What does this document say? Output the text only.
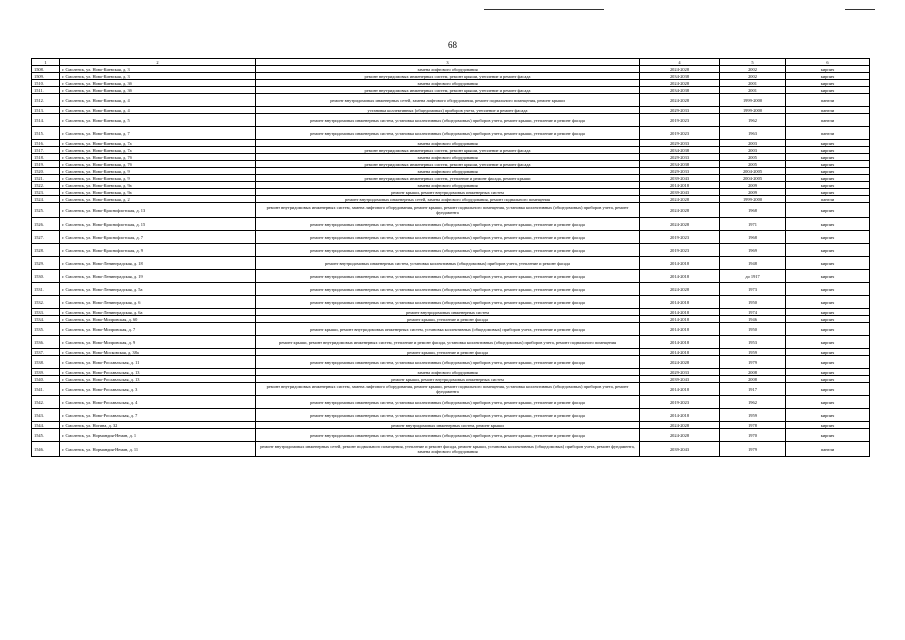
68
1	2	3	4	5	6
1508.	г. Смоленск, ул. Ново-Киевская, д. 3	замена лифтового оборудования	2024-2028	2002	кирпич
1509.	г. Смоленск, ул. Ново-Киевская, д. 3	ремонт внутридомовых инженерных систем, ремонт крыши, утепление и ремонт фасада	2034-2038	2002	кирпич
1510.	г. Смоленск, ул. Ново-Киевская, д. 3б	замена лифтового оборудования	2024-2028	2001	кирпич
1511.	г. Смоленск, ул. Ново-Киевская, д. 3б	ремонт внутридомовых инженерных систем, ремонт крыши, утепление и ремонт фасада	2034-2038	2001	кирпич
1512.	г. Смоленск, ул. Ново-Киевская, д. 4	ремонт внутридомовых инженерных сетей, замена лифтового оборудования, ремонт подвального помещения, ремонт крыши	2024-2028	1999-2000	панели
1513.	г. Смоленск, ул. Ново-Киевская, д. 4	установка коллективных (общедомовых) приборов учета, утепление и ремонт фасада	2029-2033	1999-2000	панели
1514.	г. Смоленск, ул. Ново-Киевская, д. 5	ремонт внутридомовых инженерных систем, установка коллективных (общедомовых) приборов учета, ремонт крыши, утепление и ремонт фасада	2019-2023	1962	панели
1515.	г. Смоленск, ул. Ново-Киевская, д. 7	ремонт внутридомовых инженерных систем, установка коллективных (общедомовых) приборов учета, ремонт крыши, утепление и ремонт фасада	2019-2023	1963	панели
1516.	г. Смоленск, ул. Ново-Киевская, д. 7а	замена лифтового оборудования	2029-2033	2003	кирпич
1517.	г. Смоленск, ул. Ново-Киевская, д. 7а	ремонт внутридомовых инженерных систем, ремонт крыши, утепление и ремонт фасада	2034-2038	2003	кирпич
1518.	г. Смоленск, ул. Ново-Киевская, д. 7б	замена лифтового оборудования	2029-2033	2005	кирпич
1519.	г. Смоленск, ул. Ново-Киевская, д. 7б	ремонт внутридомовых инженерных систем, ремонт крыши, утепление и ремонт фасада	2034-2038	2005	кирпич
1520.	г. Смоленск, ул. Ново-Киевская, д. 9	замена лифтового оборудования	2029-2033	2004-2005	кирпич
1521.	г. Смоленск, ул. Ново-Киевская, д. 9	ремонт внутридомовых инженерных систем, утепление и ремонт фасада, ремонт крыши	2039-2043	2004-2005	кирпич
1522.	г. Смоленск, ул. Ново-Киевская, д. 9а	замена лифтового оборудования	2014-2018	2009	кирпич
1523.	г. Смоленск, ул. Ново-Киевская, д. 9а	ремонт крыши, ремонт внутридомовых инженерных систем	2039-2043	2009	кирпич
1524.	г. Смоленск, ул. Ново-Киевская, д. 2	ремонт внутридомовых инженерных сетей, замена лифтового оборудования, ремонт подвального помещения	2024-2028	1999-2000	панели
1525.	г. Смоленск, ул. Ново-Краснофлотская, д. 13	ремонт внутридомовых инженерных систем, замена лифтового оборудования, ремонт крыши, ремонт подвального помещения, установка коллективных (общедомовых) приборов учета, ремонт фундамента	2024-2028	1968	кирпич
1526.	г. Смоленск, ул. Ново-Краснофлотская, д. 15	ремонт внутридомовых инженерных систем, установка коллективных (общедомовых) приборов учета, ремонт крыши, утепление и ремонт фасада	2024-2028	1971	кирпич
1527.	г. Смоленск, ул. Ново-Краснофлотская, д. 7	ремонт внутридомовых инженерных систем, установка коллективных (общедомовых) приборов учета, ремонт крыши, утепление и ремонт фасада	2019-2023	1968	кирпич
1528.	г. Смоленск, ул. Ново-Краснофлотская, д. 9	ремонт внутридомовых инженерных систем, установка коллективных (общедомовых) приборов учета, ремонт крыши, утепление и ремонт фасада	2019-2023	1969	кирпич
1529.	г. Смоленск, ул. Ново-Ленинградская, д. 18	ремонт внутридомовых инженерных систем, установка коллективных (общедомовых) приборов учета, утепление и ремонт фасада	2014-2018	1948	кирпич
1530.	г. Смоленск, ул. Ново-Ленинградская, д. 19	ремонт внутридомовых инженерных систем, установка коллективных (общедомовых) приборов учета, ремонт крыши, утепление и ремонт фасада	2014-2018	до 1917	кирпич
1531.	г. Смоленск, ул. Ново-Ленинградская, д. 5а	ремонт внутридомовых инженерных систем, установка коллективных (общедомовых) приборов учета, ремонт крыши, утепление и ремонт фасада	2024-2028	1973	кирпич
1532.	г. Смоленск, ул. Ново-Ленинградская, д. 6	ремонт внутридомовых инженерных систем, установка коллективных (общедомовых) приборов учета, ремонт крыши, утепление и ремонт фасада	2014-2018	1950	кирпич
1533.	г. Смоленск, ул. Ново-Ленинградская, д. 6а	ремонт внутридомовых инженерных систем	2014-2018	1974	кирпич
1534.	г. Смоленск, ул. Ново-Мопровская, д. 60	ремонт крыши, утепление и ремонт фасада	2014-2018	1946	кирпич
1535.	г. Смоленск, ул. Ново-Мопровская, д. 7	ремонт крыши, ремонт внутридомовых инженерных систем, установка коллективных (общедомовых) приборов учета, утепление и ремонт фасада	2014-2018	1950	кирпич
1536.	г. Смоленск, ул. Ново-Мопровская, д. 9	ремонт крыши, ремонт внутридомовых инженерных систем, утепление и ремонт фасада, установка коллективных (общедомовых) приборов учета, ремонт подвального помещения	2014-2018	1953	кирпич
1537.	г. Смоленск, ул. Ново-Московская, д. 38а	ремонт крыши, утепление и ремонт фасада	2014-2018	1959	кирпич
1538.	г. Смоленск, ул. Ново-Рославльская, д. 11	ремонт внутридомовых инженерных систем, установка коллективных (общедомовых) приборов учета, ремонт крыши, утепление и ремонт фасада	2024-2028	1979	кирпич
1539.	г. Смоленск, ул. Ново-Рославльская, д. 13	замена лифтового оборудования	2029-2033	2008	кирпич
1540.	г. Смоленск, ул. Ново-Рославльская, д. 13	ремонт крыши, ремонт внутридомовых инженерных систем	2039-2043	2008	кирпич
1541.	г. Смоленск, ул. Ново-Рославльская, д. 3	ремонт внутридомовых инженерных систем, замена лифтового оборудования, ремонт крыши, ремонт подвального помещения, установка коллективных (общедомовых) приборов учета, ремонт фундамента	2014-2018	1917	кирпич
1542.	г. Смоленск, ул. Ново-Рославльская, д. 4	ремонт внутридомовых инженерных систем, установка коллективных (общедомовых) приборов учета, ремонт крыши, утепление и ремонт фасада	2019-2023	1962	кирпич
1543.	г. Смоленск, ул. Ново-Рославльская, д. 7	ремонт внутридомовых инженерных систем, установка коллективных (общедомовых) приборов учета, ремонт крыши, утепление и ремонт фасада	2014-2018	1959	кирпич
1544.	г. Смоленск, ул. Ногина, д. 32	ремонт внутридомовых инженерных систем, ремонт крыши	2024-2028	1978	кирпич
1545.	г. Смоленск, ул. Нормандия-Неман, д. 1	ремонт внутридомовых инженерных систем, установка коллективных (общедомовых) приборов учета, ремонт крыши, утепление и ремонт фасада	2024-2028	1970	кирпич
1546.	г. Смоленск, ул. Нормандия-Неман, д. 11	ремонт внутридомовых инженерных сетей, ремонт подвального помещения, утепление и ремонт фасада, ремонт крыши, установка коллективных (общедомовых) приборов учета, ремонт фундамента, замена лифтового оборудования	2039-2043	1979	панели
